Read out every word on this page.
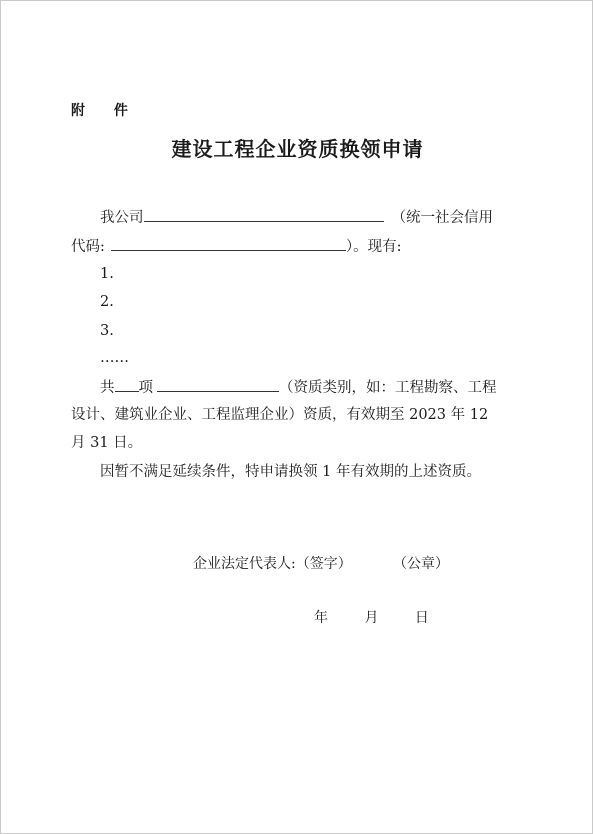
附 件
建设工程企业资质换领申请
我公司	（统一社会信用
代码:	）。现有:
1.
2.
3.
……
共 项	（资质类别，如：工程勘察、工程
设计、建筑业企业、工程监理企业）资质，有效期至 2023 年 12
月 31 日。
因暂不满足延续条件，特申请换领 1 年有效期的上述资质。
企业法定代表人:（签字）	（公章）
年　 月　 日
